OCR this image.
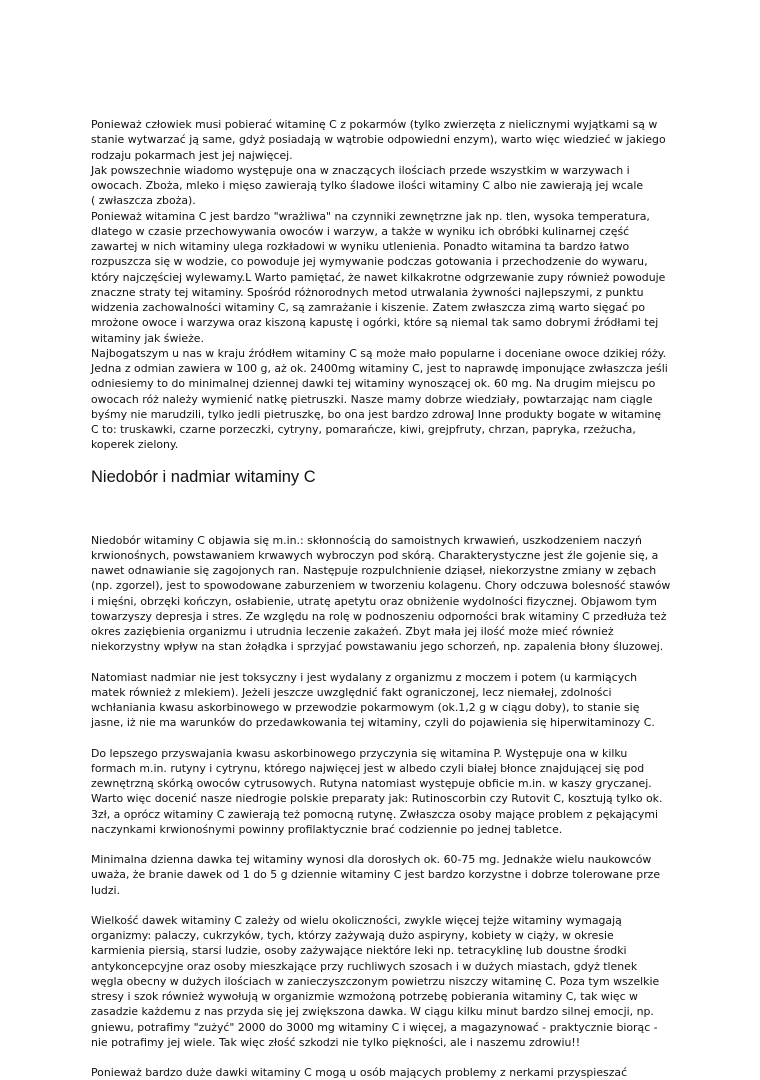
Ponieważ człowiek musi pobierać witaminę C z pokarmów (tylko zwierzęta z nielicznymi wyjątkami są w
stanie wytwarzać ją same, gdyż posiadają w wątrobie odpowiedni enzym), warto więc wiedzieć w jakiego
rodzaju pokarmach jest jej najwięcej.
Jak powszechnie wiadomo występuje ona w znaczących ilościach przede wszystkim w warzywach i
owocach. Zboża, mleko i mięso zawierają tylko śladowe ilości witaminy C albo nie zawierają jej wcale
( zwłaszcza zboża).
Ponieważ witamina C jest bardzo "wrażliwa" na czynniki zewnętrzne jak np. tlen, wysoka temperatura,
dlatego w czasie przechowywania owoców i warzyw, a także w wyniku ich obróbki kulinarnej część
zawartej w nich witaminy ulega rozkładowi w wyniku utlenienia. Ponadto witamina ta bardzo łatwo
rozpuszcza się w wodzie, co powoduje jej wymywanie podczas gotowania i przechodzenie do wywaru,
który najczęściej wylewamy.L Warto pamiętać, że nawet kilkakrotne odgrzewanie zupy również powoduje
znaczne straty tej witaminy. Spośród różnorodnych metod utrwalania żywności najlepszymi, z punktu
widzenia zachowalności witaminy C, są zamrażanie i kiszenie. Zatem zwłaszcza zimą warto sięgać po
mrożone owoce i warzywa oraz kiszoną kapustę i ogórki, które są niemal tak samo dobrymi źródłami tej
witaminy jak świeże.
Najbogatszym u nas w kraju źródłem witaminy C są może mało popularne i doceniane owoce dzikiej róży.
Jedna z odmian zawiera w 100 g, aż ok. 2400mg witaminy C, jest to naprawdę imponujące zwłaszcza jeśli
odniesiemy to do minimalnej dziennej dawki tej witaminy wynoszącej ok. 60 mg. Na drugim miejscu po
owocach róż należy wymienić natkę pietruszki. Nasze mamy dobrze wiedziały, powtarzając nam ciągle
byśmy nie marudzili, tylko jedli pietruszkę, bo ona jest bardzo zdrowaJ Inne produkty bogate w witaminę
C to: truskawki, czarne porzeczki, cytryny, pomarańcze, kiwi, grejpfruty, chrzan, papryka, rzeżucha,
koperek zielony.

Niedobór i nadmiar witaminy C

Niedobór witaminy C objawia się m.in.: skłonnością do samoistnych krwawień, uszkodzeniem naczyń
krwionośnych, powstawaniem krwawych wybroczyn pod skórą. Charakterystyczne jest źle gojenie się, a
nawet odnawianie się zagojonych ran. Następuje rozpulchnienie dziąseł, niekorzystne zmiany w zębach
(np. zgorzel), jest to spowodowane zaburzeniem w tworzeniu kolagenu. Chory odczuwa bolesność stawów
i mięśni, obrzęki kończyn, osłabienie, utratę apetytu oraz obniżenie wydolności fizycznej. Objawom tym
towarzyszy depresja i stres. Ze względu na rolę w podnoszeniu odporności brak witaminy C przedłuża też
okres zaziębienia organizmu i utrudnia leczenie zakażeń. Zbyt mała jej ilość może mieć również
niekorzystny wpływ na stan żołądka i sprzyjać powstawaniu jego schorzeń, np. zapalenia błony śluzowej.

Natomiast nadmiar nie jest toksyczny i jest wydalany z organizmu z moczem i potem (u karmiących
matek również z mlekiem). Jeżeli jeszcze uwzględnić fakt ograniczonej, lecz niemałej, zdolności
wchłaniania kwasu askorbinowego w przewodzie pokarmowym (ok.1,2 g w ciągu doby), to stanie się
jasne, iż nie ma warunków do przedawkowania tej witaminy, czyli do pojawienia się hiperwitaminozy C.

Do lepszego przyswajania kwasu askorbinowego przyczynia się witamina P. Występuje ona w kilku
formach m.in. rutyny i cytrynu, którego najwięcej jest w albedo czyli białej błonce znajdującej się pod
zewnętrzną skórką owoców cytrusowych. Rutyna natomiast występuje obficie m.in. w kaszy gryczanej.
Warto więc docenić nasze niedrogie polskie preparaty jak: Rutinoscorbin czy Rutovit C, kosztują tylko ok.
3zł, a oprócz witaminy C zawierają też pomocną rutynę. Zwłaszcza osoby mające problem z pękającymi
naczynkami krwionośnymi powinny profilaktycznie brać codziennie po jednej tabletce.

Minimalna dzienna dawka tej witaminy wynosi dla dorosłych ok. 60-75 mg. Jednakże wielu naukowców
uważa, że branie dawek od 1 do 5 g dziennie witaminy C jest bardzo korzystne i dobrze tolerowane prze
ludzi.

Wielkość dawek witaminy C zależy od wielu okoliczności, zwykle więcej tejże witaminy wymagają
organizmy: palaczy, cukrzyków, tych, którzy zażywają dużo aspiryny, kobiety w ciąży, w okresie
karmienia piersią, starsi ludzie, osoby zażywające niektóre leki np. tetracyklinę lub doustne środki
antykoncepcyjne oraz osoby mieszkające przy ruchliwych szosach i w dużych miastach, gdyż tlenek
węgla obecny w dużych ilościach w zanieczyszczonym powietrzu niszczy witaminę C. Poza tym wszelkie
stresy i szok również wywołują w organizmie wzmożoną potrzebę pobierania witaminy C, tak więc w
zasadzie każdemu z nas przyda się jej zwiększona dawka. W ciągu kilku minut bardzo silnej emocji, np.
gniewu, potrafimy "zużyć" 2000 do 3000 mg witaminy C i więcej, a magazynować - praktycznie biorąc -
nie potrafimy jej wiele. Tak więc złość szkodzi nie tylko piękności, ale i naszemu zdrowiu!!

Ponieważ bardzo duże dawki witaminy C mogą u osób mających problemy z nerkami przyspieszać
